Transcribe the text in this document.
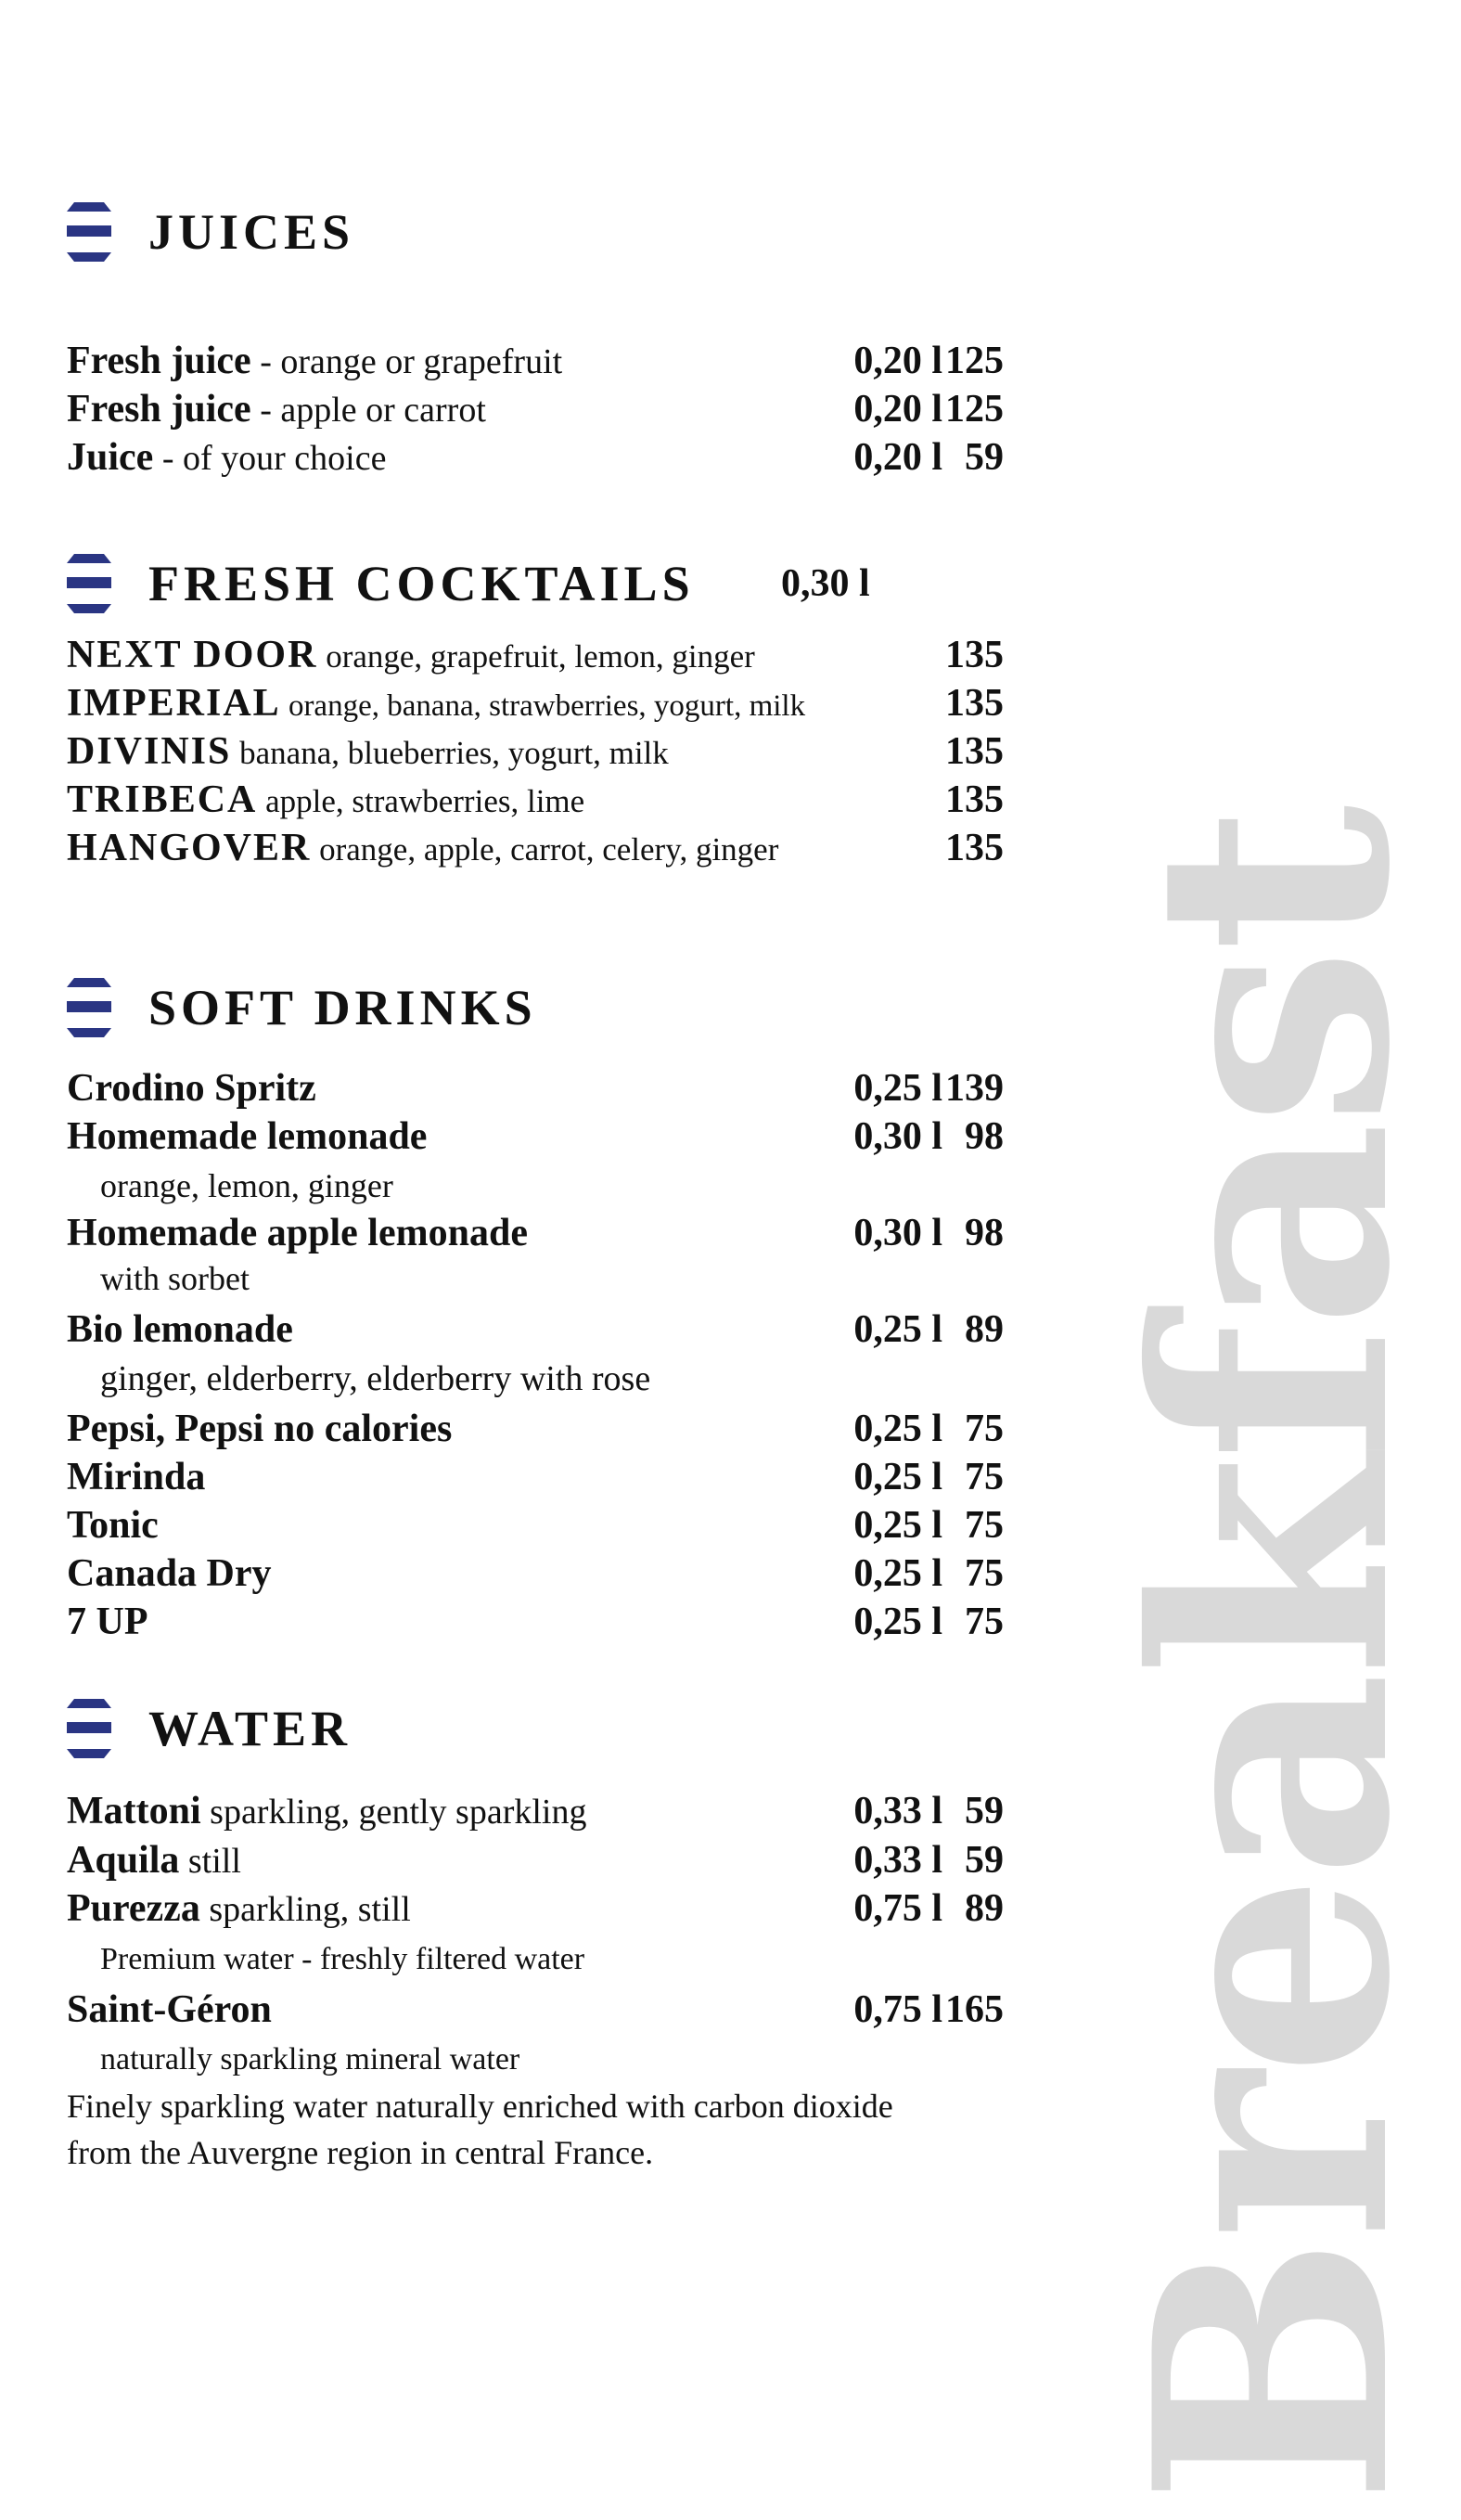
Breakfast
JUICES
Fresh juice - orange or grapefruit	0,20 l 125
Fresh juice - apple or carrot	0,20 l 125
Juice - of your choice	0,20 l 59
FRESH COCKTAILS 0,30 l
NEXT DOOR orange, grapefruit, lemon, ginger	135
IMPERIAL orange, banana, strawberries, yogurt, milk	135
DIVINIS banana, blueberries, yogurt, milk	135
TRIBECA apple, strawberries, lime	135
HANGOVER orange, apple, carrot, celery, ginger	135
SOFT DRINKS
Crodino Spritz	0,25 l 139
Homemade lemonade	0,30 l 98
orange, lemon, ginger
Homemade apple lemonade	0,30 l 98
with sorbet
Bio lemonade	0,25 l 89
ginger, elderberry, elderberry with rose
Pepsi, Pepsi no calories	0,25 l 75
Mirinda	0,25 l 75
Tonic	0,25 l 75
Canada Dry	0,25 l 75
7 UP	0,25 l 75
WATER
Mattoni sparkling, gently sparkling	0,33 l 59
Aquila still	0,33 l 59
Purezza sparkling, still	0,75 l 89
Premium water - freshly filtered water
Saint-Géron	0,75 l 165
naturally sparkling mineral water
Finely sparkling water naturally enriched with carbon dioxide from the Auvergne region in central France.
